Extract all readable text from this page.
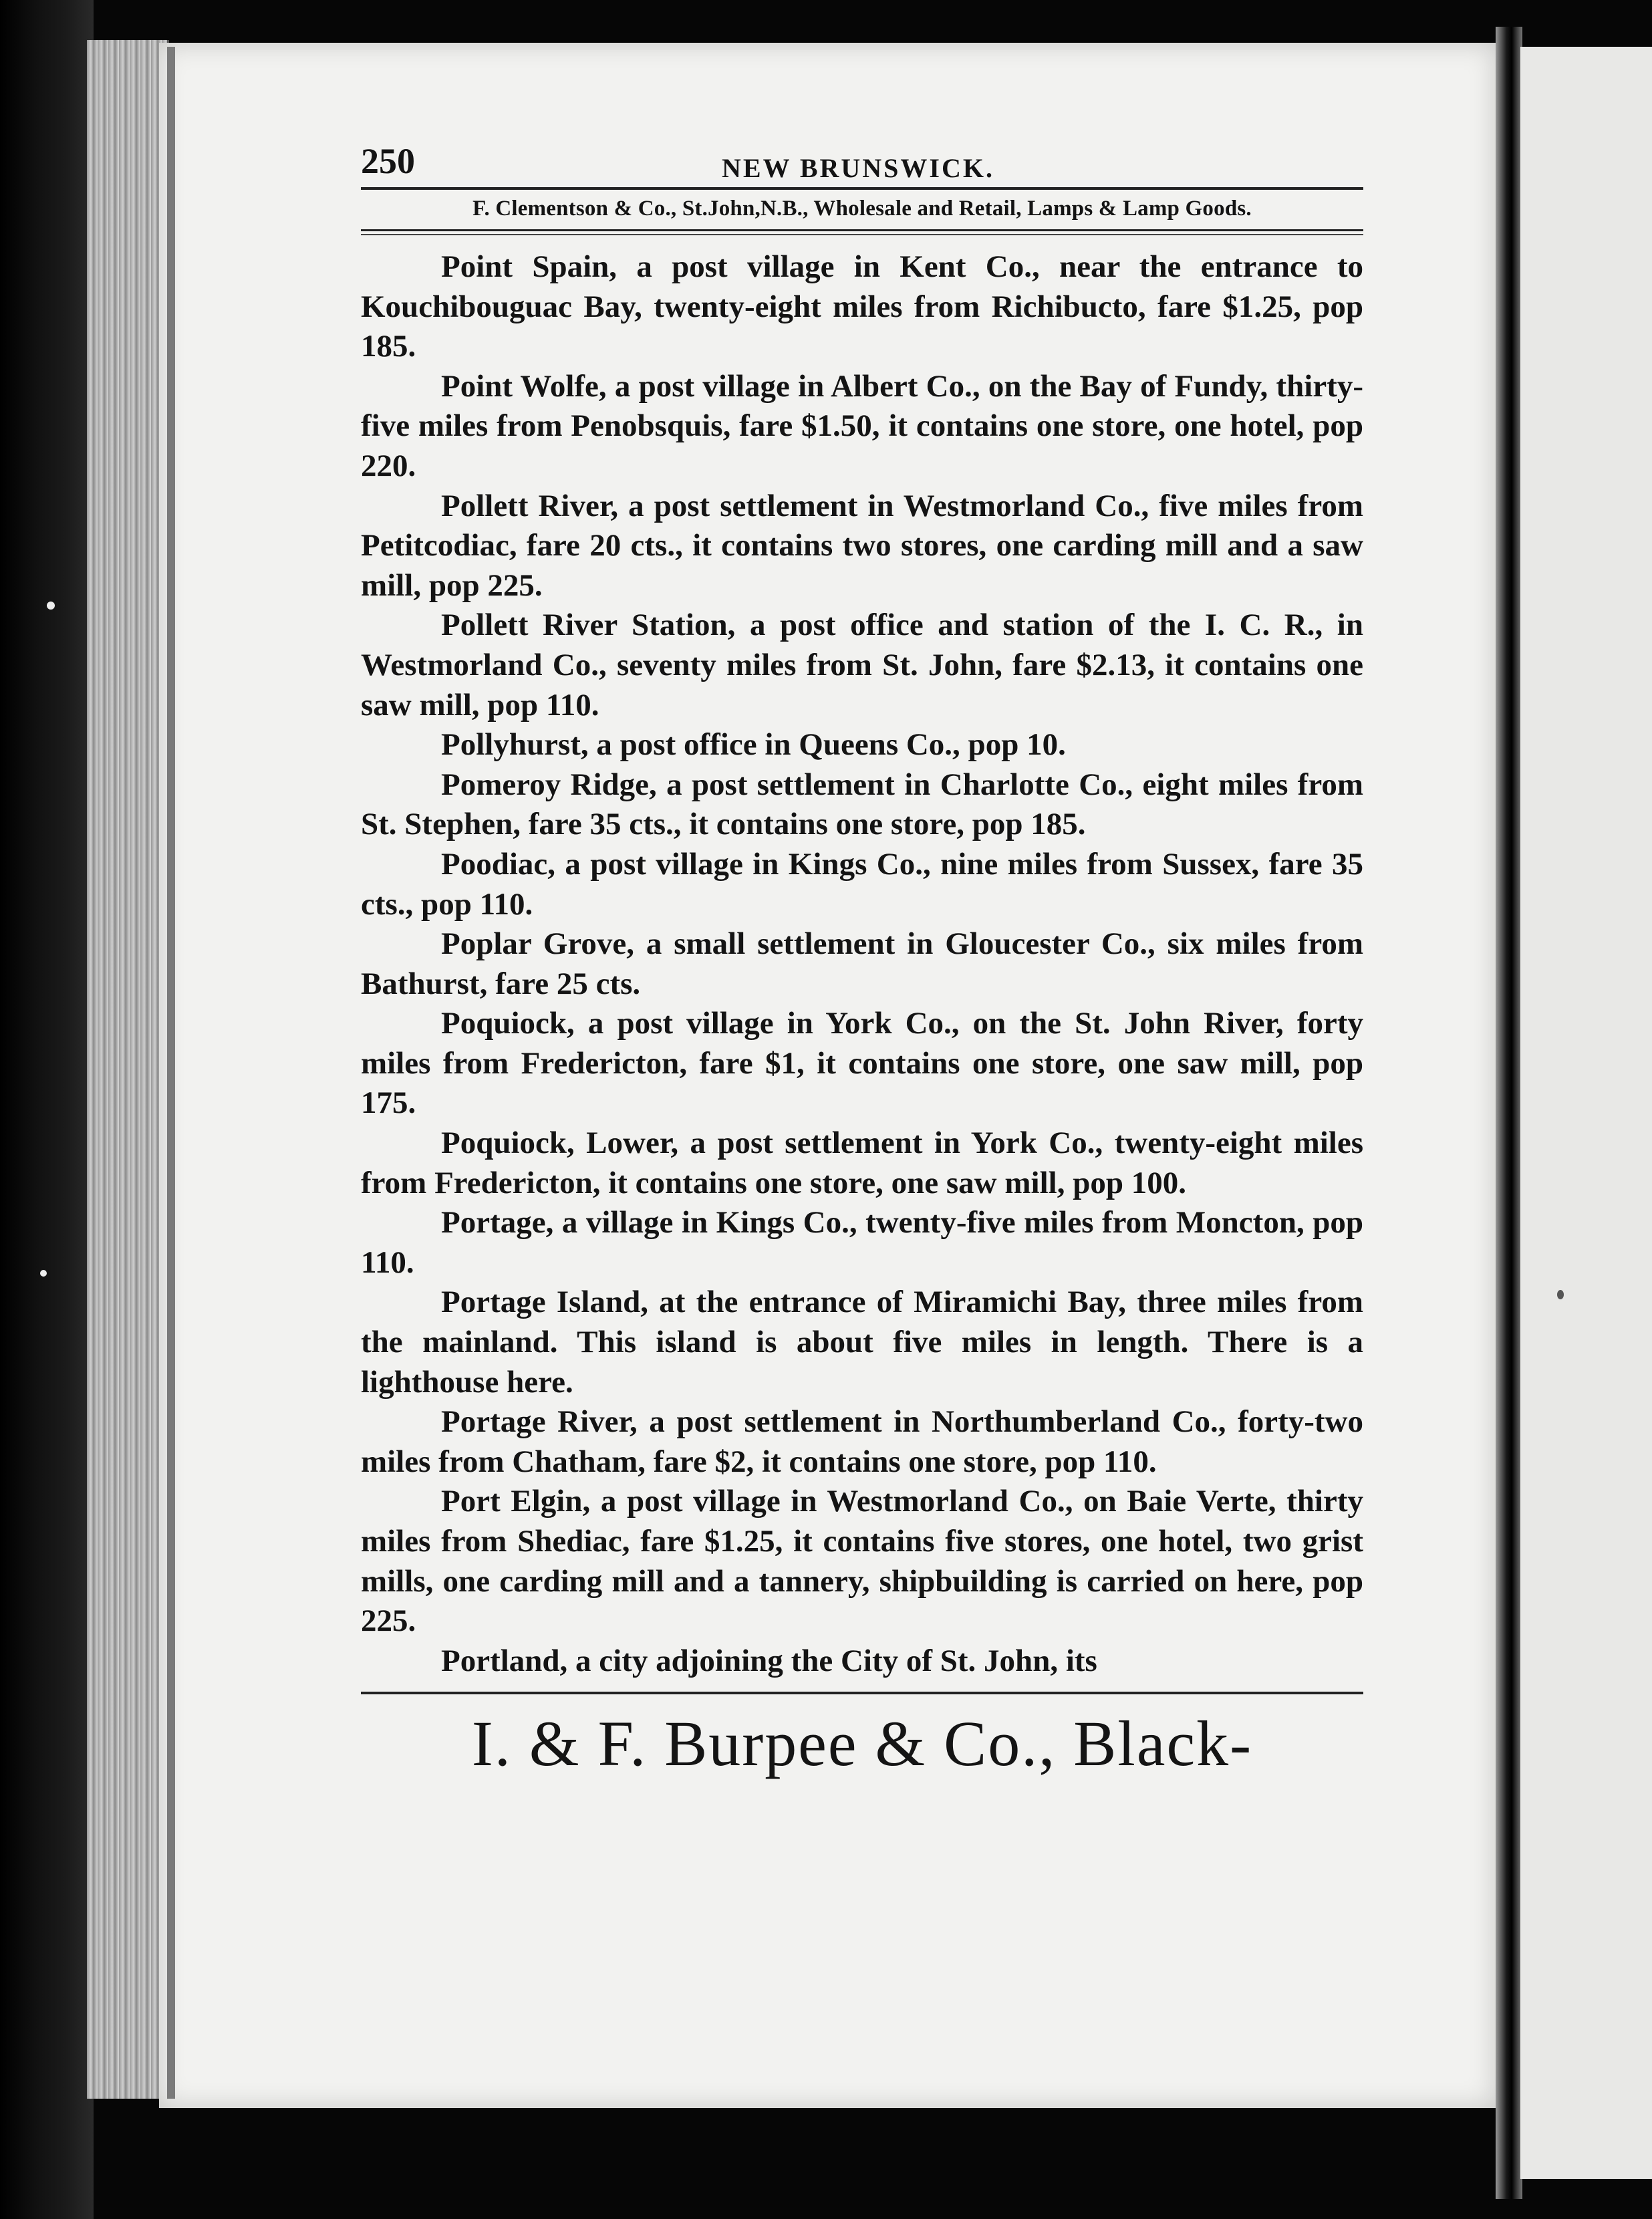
250	NEW BRUNSWICK.
F. Clementson & Co., St.John,N.B., Wholesale and Retail, Lamps & Lamp Goods.

Point Spain, a post village in Kent Co., near the entrance to Kouchibouguac Bay, twenty-eight miles from Richibucto, fare $1.25, pop 185.

Point Wolfe, a post village in Albert Co., on the Bay of Fundy, thirty-five miles from Penobsquis, fare $1.50, it contains one store, one hotel, pop 220.

Pollett River, a post settlement in Westmorland Co., five miles from Petitcodiac, fare 20 cts., it contains two stores, one carding mill and a saw mill, pop 225.

Pollett River Station, a post office and station of the I. C. R., in Westmorland Co., seventy miles from St. John, fare $2.13, it contains one saw mill, pop 110.

Pollyhurst, a post office in Queens Co., pop 10.

Pomeroy Ridge, a post settlement in Charlotte Co., eight miles from St. Stephen, fare 35 cts., it contains one store, pop 185.

Poodiac, a post village in Kings Co., nine miles from Sussex, fare 35 cts., pop 110.

Poplar Grove, a small settlement in Gloucester Co., six miles from Bathurst, fare 25 cts.

Poquiock, a post village in York Co., on the St. John River, forty miles from Fredericton, fare $1, it contains one store, one saw mill, pop 175.

Poquiock, Lower, a post settlement in York Co., twenty-eight miles from Fredericton, it contains one store, one saw mill, pop 100.

Portage, a village in Kings Co., twenty-five miles from Moncton, pop 110.

Portage Island, at the entrance of Miramichi Bay, three miles from the mainland. This island is about five miles in length. There is a lighthouse here.

Portage River, a post settlement in Northumberland Co., forty-two miles from Chatham, fare $2, it contains one store, pop 110.

Port Elgin, a post village in Westmorland Co., on Baie Verte, thirty miles from Shediac, fare $1.25, it contains five stores, one hotel, two grist mills, one carding mill and a tannery, shipbuilding is carried on here, pop 225.

Portland, a city adjoining the City of St. John, its

I. & F. Burpee & Co., Black-
